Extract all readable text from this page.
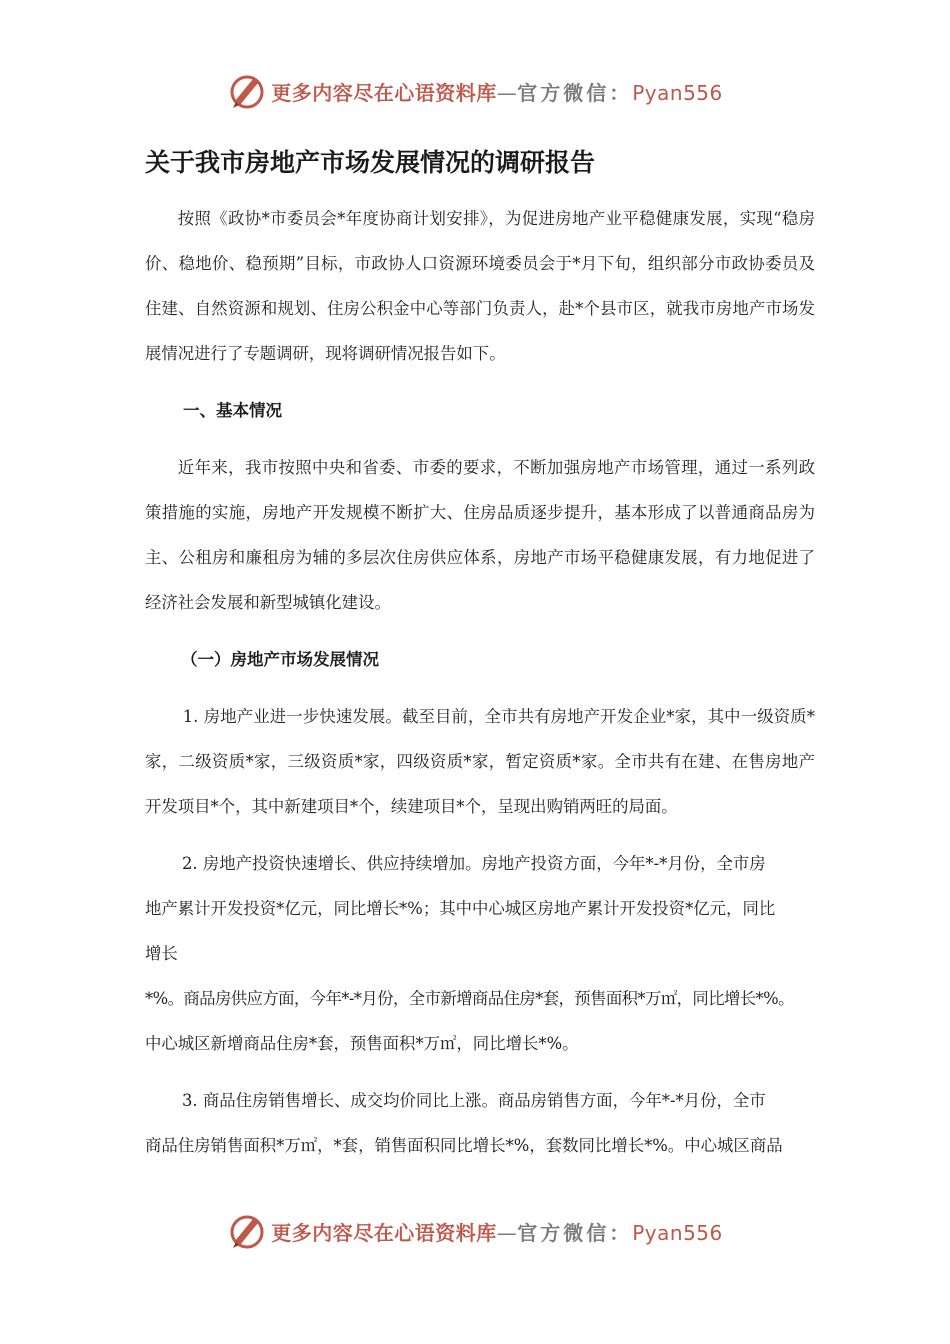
更多内容尽在心语资料库—官方微信：Pyan556
关于我市房地产市场发展情况的调研报告

按照《政协*市委员会*年度协商计划安排》，为促进房地产业平稳健康发展，实现“稳房价、稳地价、稳预期”目标，市政协人口资源环境委员会于*月下旬，组织部分市政协委员及住建、自然资源和规划、住房公积金中心等部门负责人，赴*个县市区，就我市房地产市场发展情况进行了专题调研，现将调研情况报告如下。

一、基本情况

近年来，我市按照中央和省委、市委的要求，不断加强房地产市场管理，通过一系列政策措施的实施，房地产开发规模不断扩大、住房品质逐步提升，基本形成了以普通商品房为主、公租房和廉租房为辅的多层次住房供应体系，房地产市场平稳健康发展，有力地促进了经济社会发展和新型城镇化建设。

（一）房地产市场发展情况

1. 房地产业进一步快速发展。截至目前，全市共有房地产开发企业*家，其中一级资质*家，二级资质*家，三级资质*家，四级资质*家，暂定资质*家。全市共有在建、在售房地产开发项目*个，其中新建项目*个，续建项目*个，呈现出购销两旺的局面。

2. 房地产投资快速增长、供应持续增加。房地产投资方面，今年*-*月份，全市房
地产累计开发投资*亿元，同比增长*%；其中中心城区房地产累计开发投资*亿元，同比
增长
*%。商品房供应方面，今年*-*月份，全市新增商品住房*套，预售面积*万㎡，同比增长*%。
中心城区新增商品住房*套，预售面积*万㎡，同比增长*%。
3. 商品住房销售增长、成交均价同比上涨。商品房销售方面，今年*-*月份，全市
商品住房销售面积*万㎡，*套，销售面积同比增长*%，套数同比增长*%。中心城区商品
更多内容尽在心语资料库—官方微信：Pyan556
